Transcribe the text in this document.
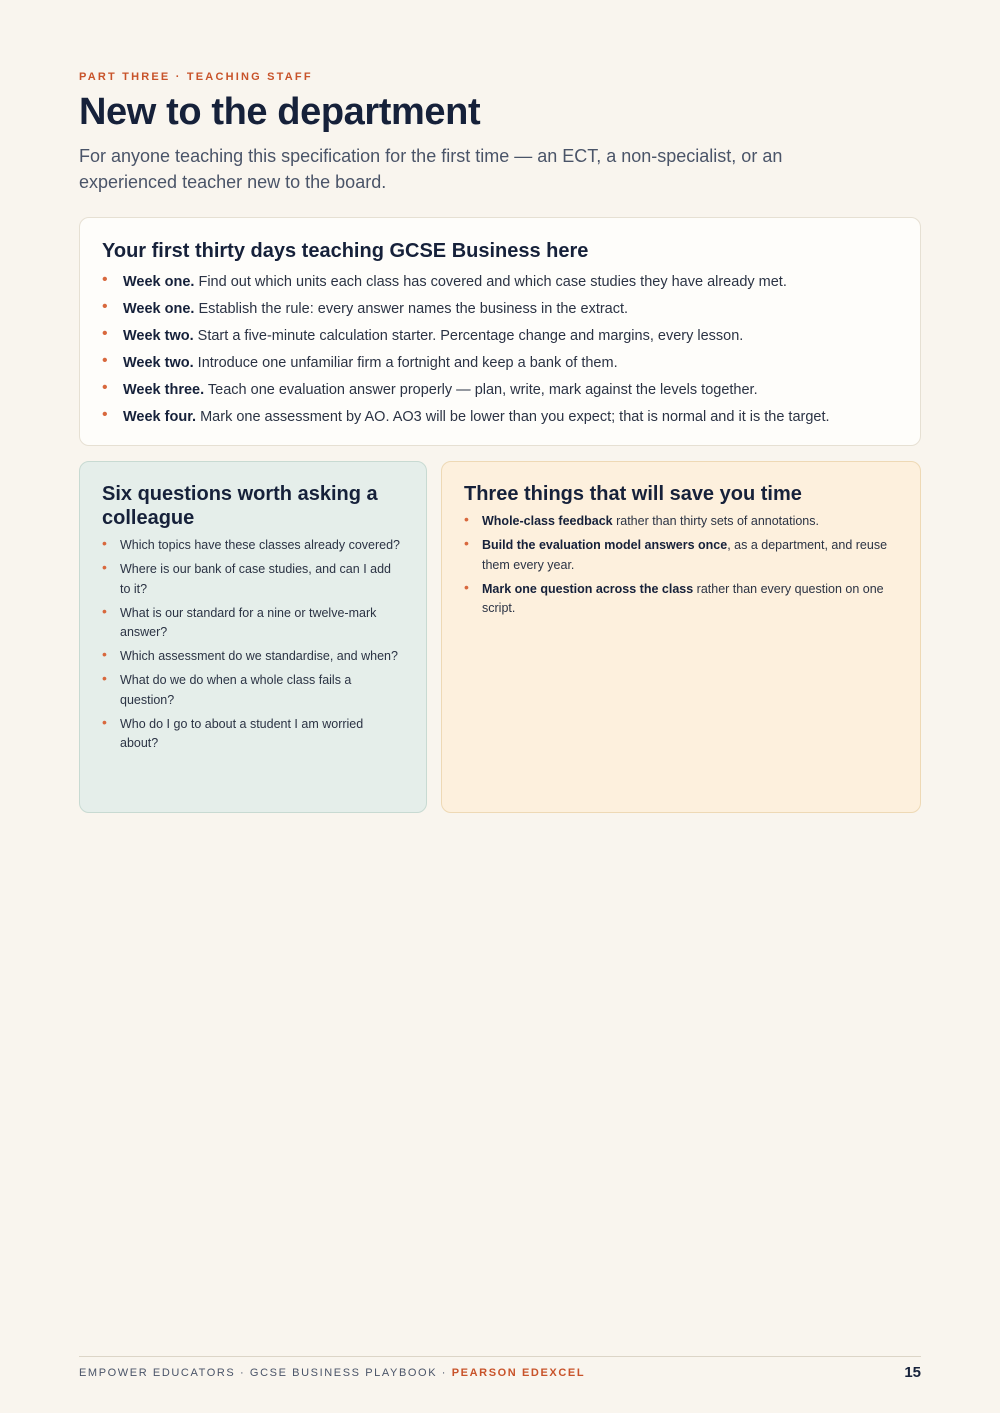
PART THREE · TEACHING STAFF
New to the department

For anyone teaching this specification for the first time — an ECT, a non-specialist, or an experienced teacher new to the board.

Your first thirty days teaching GCSE Business here
• Week one. Find out which units each class has covered and which case studies they have already met.
• Week one. Establish the rule: every answer names the business in the extract.
• Week two. Start a five-minute calculation starter. Percentage change and margins, every lesson.
• Week two. Introduce one unfamiliar firm a fortnight and keep a bank of them.
• Week three. Teach one evaluation answer properly — plan, write, mark against the levels together.
• Week four. Mark one assessment by AO. AO3 will be lower than you expect; that is normal and it is the target.
Six questions worth asking a colleague
• Which topics have these classes already covered?
• Where is our bank of case studies, and can I add to it?
• What is our standard for a nine or twelve-mark answer?
• Which assessment do we standardise, and when?
• What do we do when a whole class fails a question?
• Who do I go to about a student I am worried about?
Three things that will save you time
• Whole-class feedback rather than thirty sets of annotations.
• Build the evaluation model answers once, as a department, and reuse them every year.
• Mark one question across the class rather than every question on one script.
EMPOWER EDUCATORS · GCSE BUSINESS PLAYBOOK · PEARSON EDEXCEL	15
